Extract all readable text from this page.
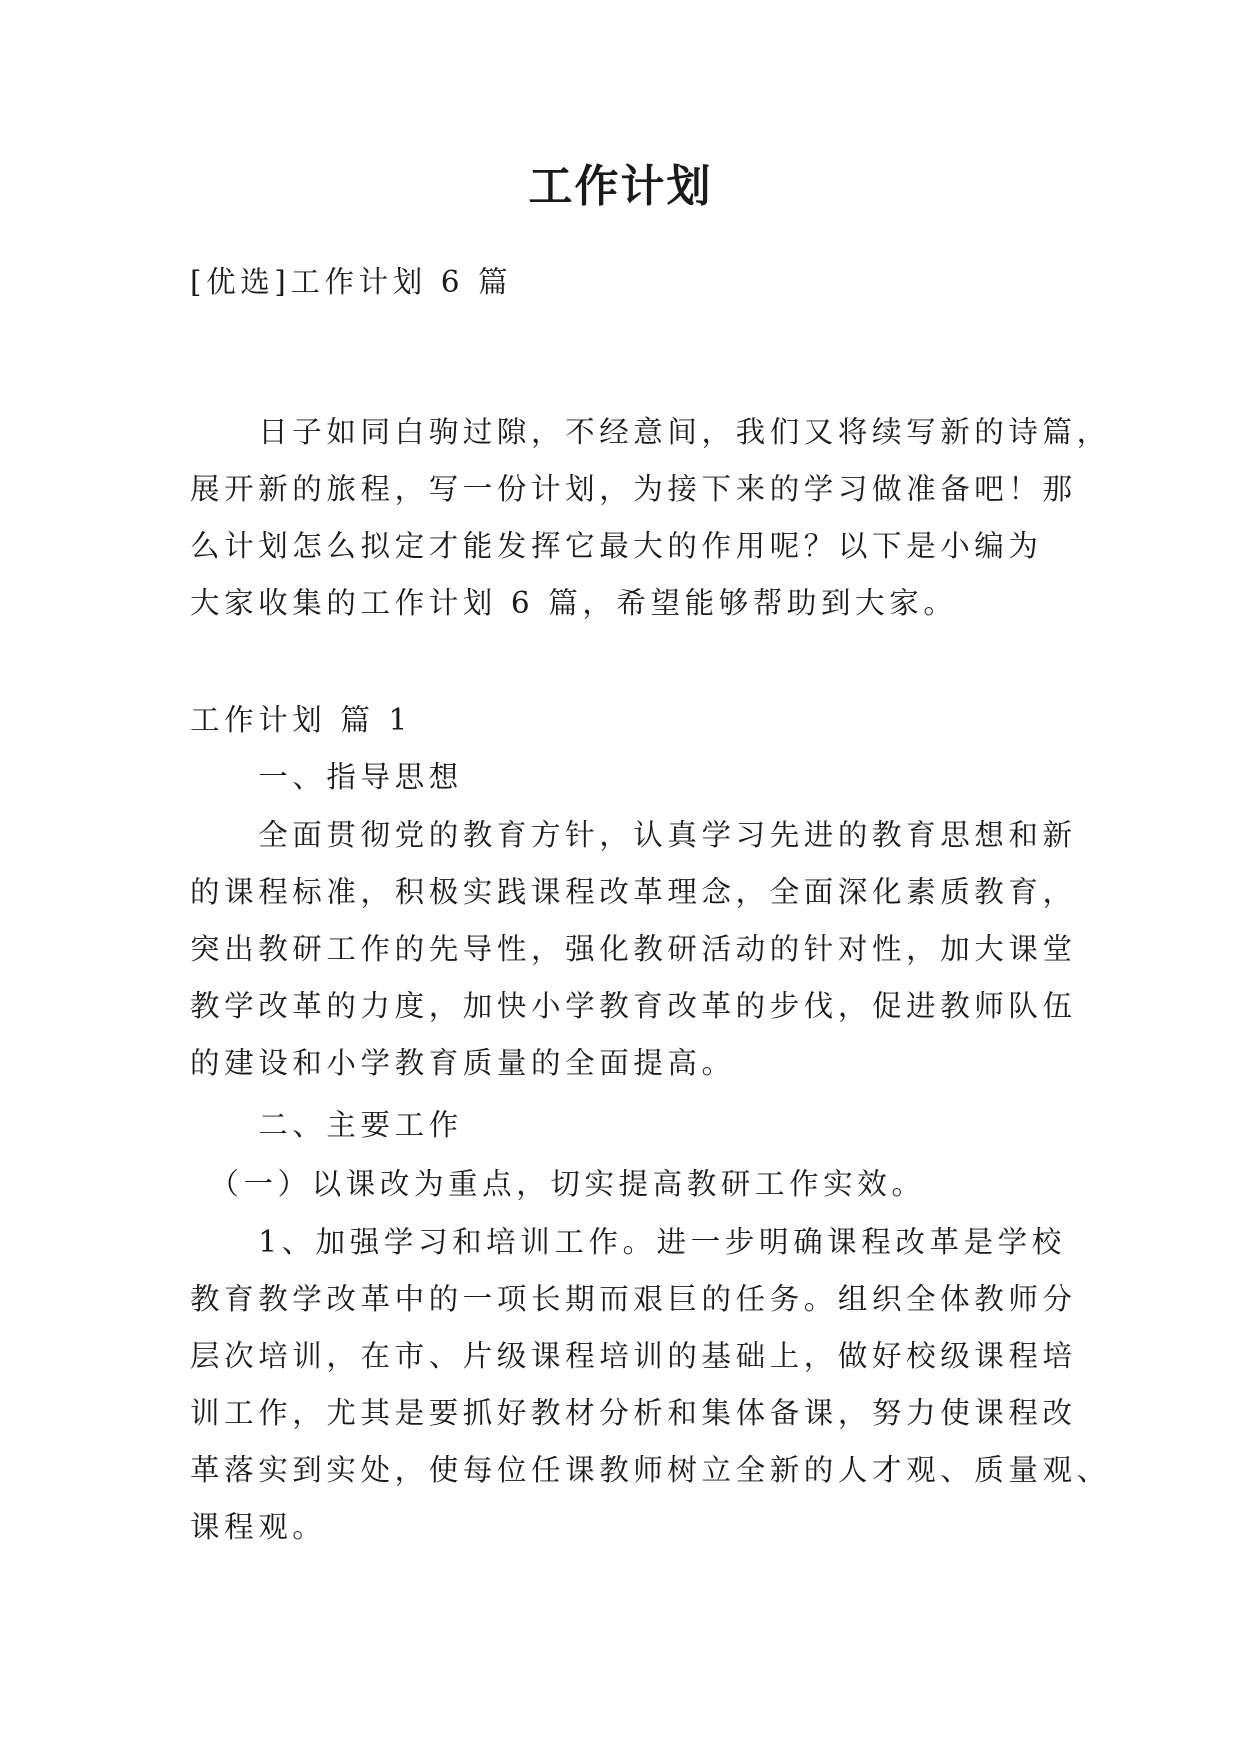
工作计划

[优选]工作计划 6 篇

　　日子如同白驹过隙，不经意间，我们又将续写新的诗篇，

展开新的旅程，写一份计划，为接下来的学习做准备吧！那

么计划怎么拟定才能发挥它最大的作用呢？以下是小编为

大家收集的工作计划 6 篇，希望能够帮助到大家。

工作计划 篇 1

　　一、指导思想

　　全面贯彻党的教育方针，认真学习先进的教育思想和新

的课程标准，积极实践课程改革理念，全面深化素质教育，

突出教研工作的先导性，强化教研活动的针对性，加大课堂

教学改革的力度，加快小学教育改革的步伐，促进教师队伍

的建设和小学教育质量的全面提高。

　　二、主要工作

　（一）以课改为重点，切实提高教研工作实效。

　　1、加强学习和培训工作。进一步明确课程改革是学校

教育教学改革中的一项长期而艰巨的任务。组织全体教师分

层次培训，在市、片级课程培训的基础上，做好校级课程培

训工作，尤其是要抓好教材分析和集体备课，努力使课程改

革落实到实处，使每位任课教师树立全新的人才观、质量观、

课程观。
